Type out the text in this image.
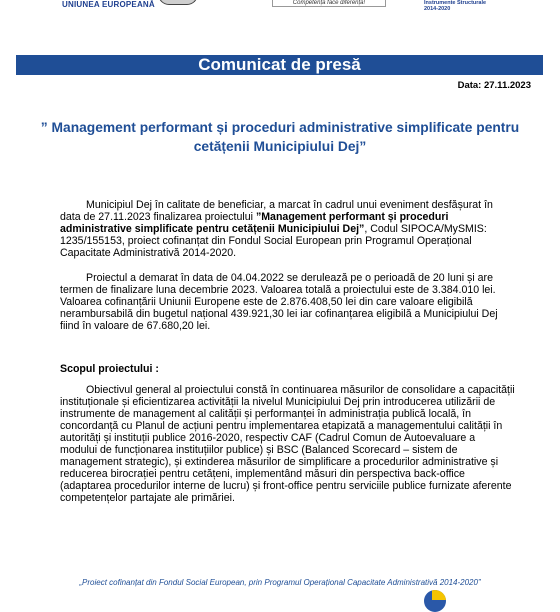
UNIUNEA EUROPEANĂ	Competența face diferența!	Instrumente Structurale
2014-2020
Comunicat de presă
Data: 27.11.2023
” Management performant și proceduri administrative simplificate pentru cetățenii Municipiului Dej”
Municipiul Dej în calitate de beneficiar, a marcat în cadrul unui eveniment desfășurat în data de 27.11.2023 finalizarea proiectului ”Management performant și proceduri administrative simplificate pentru cetățenii Municipiului Dej”, Codul SIPOCA/MySMIS: 1235/155153, proiect cofinanțat din Fondul Social European prin Programul Operațional Capacitate Administrativă 2014-2020.
Proiectul a demarat în data de 04.04.2022 se derulează pe o perioadă de 20 luni și are termen de finalizare luna decembrie 2023. Valoarea totală a proiectului este de 3.384.010 lei. Valoarea cofinanțării Uniunii Europene este de 2.876.408,50 lei din care valoare eligibilă nerambursabilă din bugetul național 439.921,30 lei iar cofinanțarea eligibilă a Municipiului Dej fiind în valoare de 67.680,20 lei.
Scopul proiectului :
Obiectivul general al proiectului constă în continuarea măsurilor de consolidare a capacității instituționale și eficientizarea activității la nivelul Municipiului Dej prin introducerea utilizării de instrumente de management al calității și performanței în administrația publică locală, în concordanță cu Planul de acțiuni pentru implementarea etapizată a managementului calității în autorități și instituții publice 2016-2020, respectiv CAF (Cadrul Comun de Autoevaluare a modului de funcționarea instituțiilor publice) și BSC (Balanced Scorecard – sistem de management strategic), și extinderea măsurilor de simplificare a procedurilor administrative și reducerea birocrației pentru cetățeni, implementând măsuri din perspectiva back-office (adaptarea procedurilor interne de lucru) și front-office pentru serviciile publice furnizate aferente competențelor partajate ale primăriei.
„Proiect cofinanțat din Fondul Social European, prin Programul Operațional Capacitate Administrativă 2014-2020”
